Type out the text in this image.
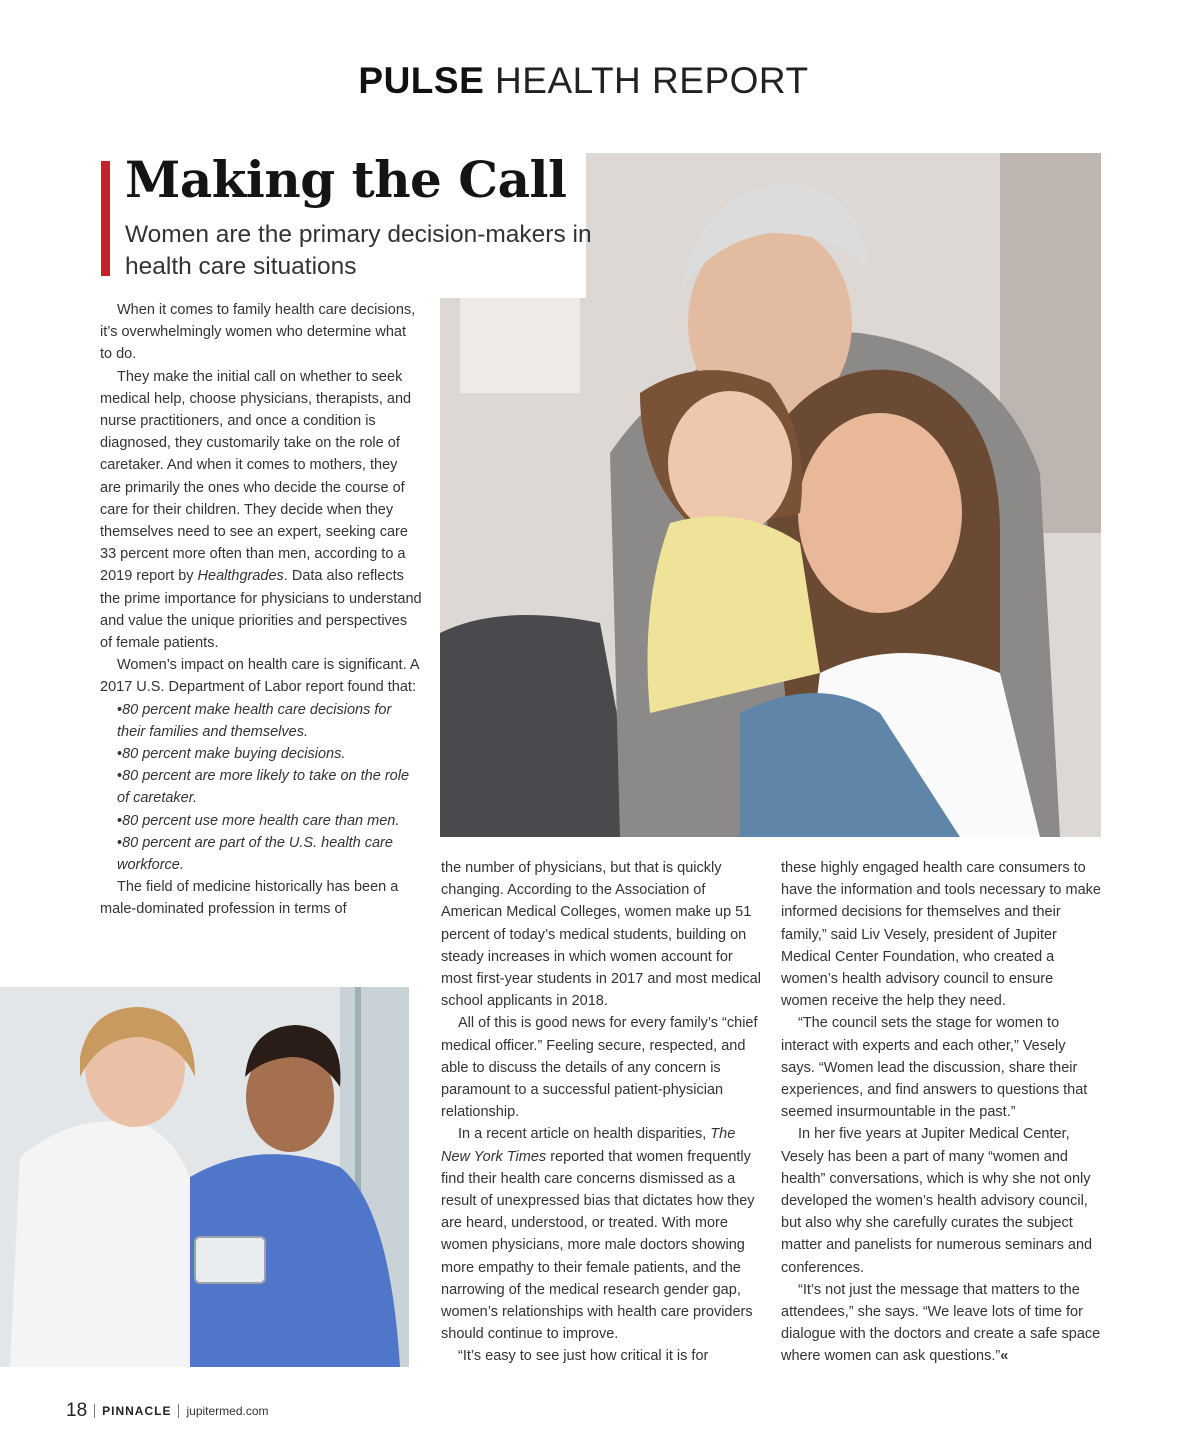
PULSE HEALTH REPORT
Making the Call
Women are the primary decision-makers in health care situations

When it comes to family health care decisions, it’s overwhelmingly women who determine what to do.

They make the initial call on whether to seek medical help, choose physicians, therapists, and nurse practitioners, and once a condition is diagnosed, they customarily take on the role of caretaker. And when it comes to mothers, they are primarily the ones who decide the course of care for their children. They decide when they themselves need to see an expert, seeking care 33 percent more often than men, according to a 2019 report by Healthgrades. Data also reflects the prime importance for physicians to understand and value the unique priorities and perspectives of female patients.

Women’s impact on health care is significant. A 2017 U.S. Department of Labor report found that:

• 80 percent make health care decisions for their families and themselves.
• 80 percent make buying decisions.
• 80 percent are more likely to take on the role of caretaker.
• 80 percent use more health care than men.
• 80 percent are part of the U.S. health care workforce.

The field of medicine historically has been a male-dominated profession in terms of

the number of physicians, but that is quickly changing. According to the Association of American Medical Colleges, women make up 51 percent of today’s medical students, building on steady increases in which women account for most first-year students in 2017 and most medical school applicants in 2018.

All of this is good news for every family’s “chief medical officer.” Feeling secure, respected, and able to discuss the details of any concern is paramount to a successful patient-physician relationship.

In a recent article on health disparities, The New York Times reported that women frequently find their health care concerns dismissed as a result of unexpressed bias that dictates how they are heard, understood, or treated. With more women physicians, more male doctors showing more empathy to their female patients, and the narrowing of the medical research gender gap, women’s relationships with health care providers should continue to improve.

“It’s easy to see just how critical it is for

these highly engaged health care consumers to have the information and tools necessary to make informed decisions for themselves and their family,” said Liv Vesely, president of Jupiter Medical Center Foundation, who created a women’s health advisory council to ensure women receive the help they need.

“The council sets the stage for women to interact with experts and each other,” Vesely says. “Women lead the discussion, share their experiences, and find answers to questions that seemed insurmountable in the past.”

In her five years at Jupiter Medical Center, Vesely has been a part of many “women and health” conversations, which is why she not only developed the women’s health advisory council, but also why she carefully curates the subject matter and panelists for numerous seminars and conferences.

“It’s not just the message that matters to the attendees,” she says. “We leave lots of time for dialogue with the doctors and create a safe space where women can ask questions.”«

18 PINNACLE jupitermed.com
